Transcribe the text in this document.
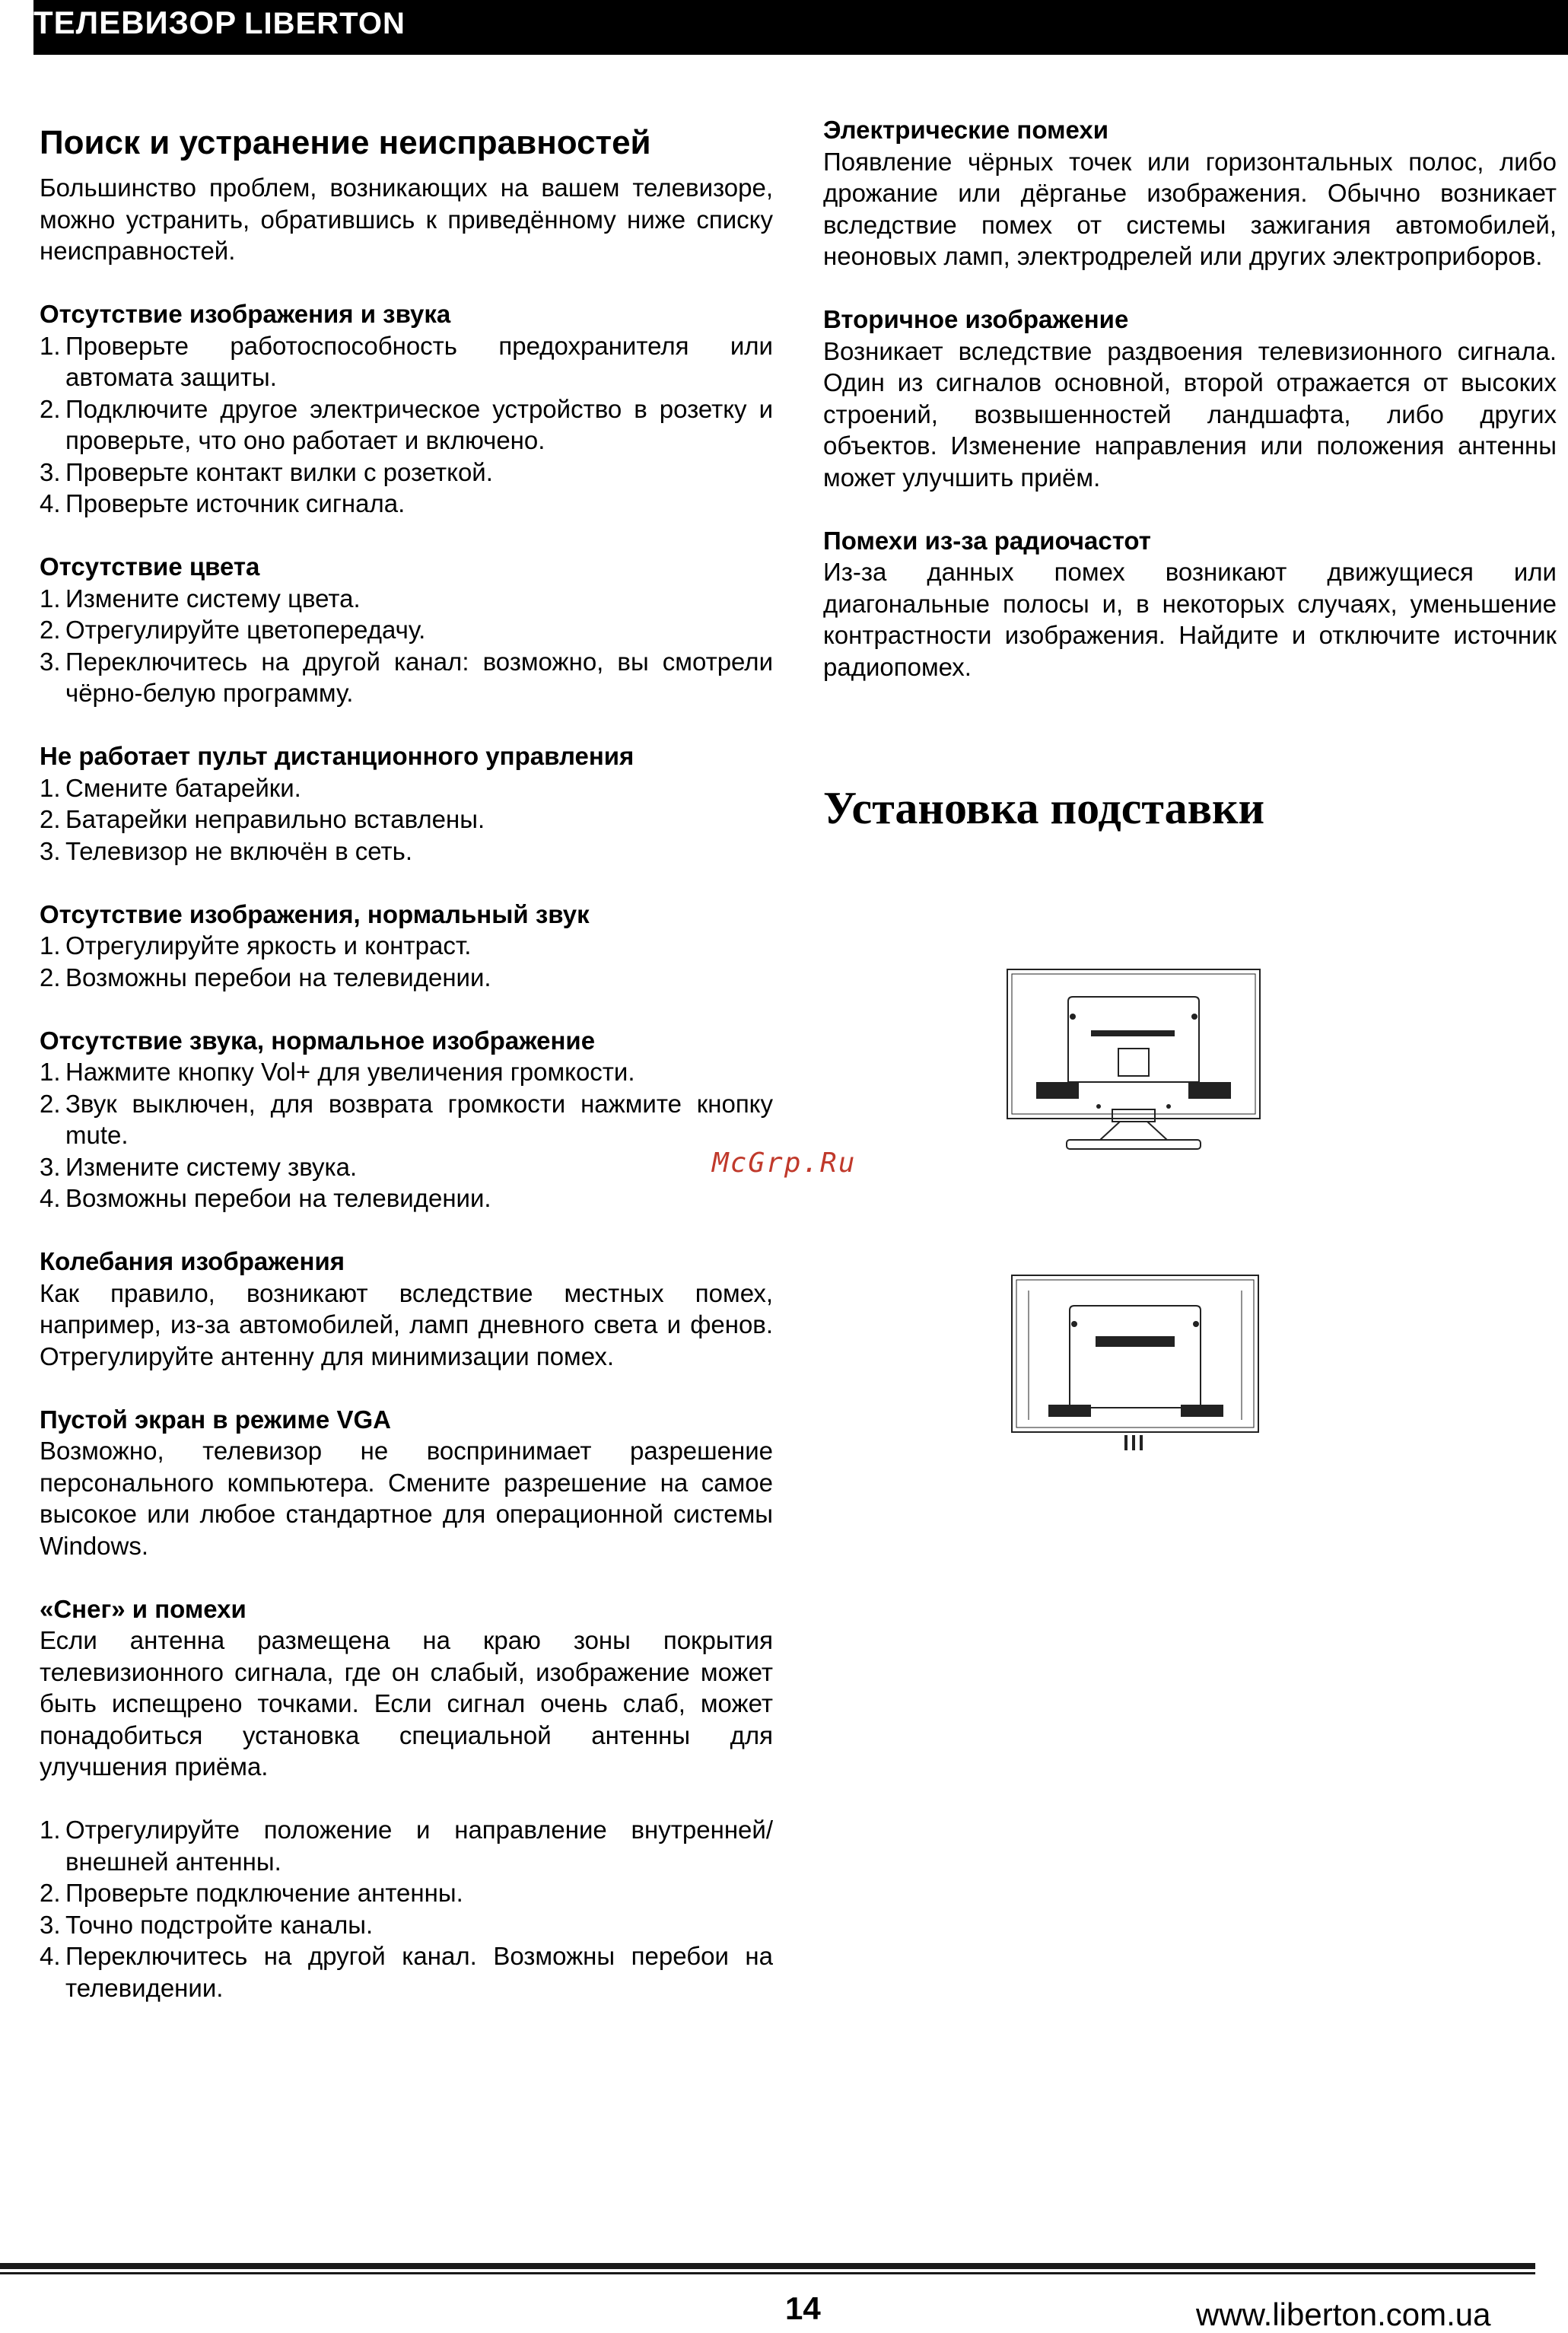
ТЕЛЕВИЗОР LIBERTON
Поиск и устранение неисправностей

Большинство проблем, возникающих на вашем телевизоре, можно устранить, обратившись к приведённому ниже списку неисправностей.

Отсутствие изображения и звука

1. Проверьте работоспособность предохранителя или автомата защиты.
2. Подключите другое электрическое устройство в розетку и проверьте, что оно работает и включено.
3. Проверьте контакт вилки с розеткой.
4. Проверьте источник сигнала.

Отсутствие цвета

1. Измените систему цвета.
2. Отрегулируйте цветопередачу.
3. Переключитесь на другой канал: возможно, вы смотрели чёрно-белую программу.

Не работает пульт дистанционного управления

1. Смените батарейки.
2. Батарейки неправильно вставлены.
3. Телевизор не включён в сеть.

Отсутствие изображения, нормальный звук

1. Отрегулируйте яркость и контраст.
2. Возможны перебои на телевидении.

Отсутствие звука, нормальное изображение

1. Нажмите кнопку Vol+ для увеличения громкости.
2. Звук выключен, для возврата громкости нажмите кнопку mute.
3. Измените систему звука.
4. Возможны перебои на телевидении.

Колебания изображения

Как правило, возникают вследствие местных помех, например, из-за автомобилей, ламп дневного света и фенов. Отрегулируйте антенну для минимизации помех.

Пустой экран в режиме VGA

Возможно, телевизор не воспринимает разрешение персонального компьютера. Смените разрешение на самое высокое или любое стандартное для операционной системы Windows.

«Снег» и помехи

Если антенна размещена на краю зоны покрытия телевизионного сигнала, где он слабый, изображение может быть испещрено точками. Если сигнал очень слаб, может понадобиться установка специальной антенны для улучшения приёма.

1. Отрегулируйте положение и направление внутренней/внешней антенны.
2. Проверьте подключение антенны.
3. Точно подстройте каналы.
4. Переключитесь на другой канал. Возможны перебои на телевидении.

Электрические помехи

Появление чёрных точек или горизонтальных полос, либо дрожание или дёрганье изображения. Обычно возникает вследствие помех от системы зажигания автомобилей, неоновых ламп, электродрелей или других электроприборов.

Вторичное изображение

Возникает вследствие раздвоения телевизионного сигнала. Один из сигналов основной, второй отражается от высоких строений, возвышенностей ландшафта, либо других объектов. Изменение направления или положения антенны может улучшить приём.

Помехи из-за радиочастот

Из-за данных помех возникают движущиеся или диагональные полосы и, в некоторых случаях, уменьшение контрастности изображения. Найдите и отключите источник радиопомех.

Установка подставки
McGrp.Ru
14	www.liberton.com.ua
